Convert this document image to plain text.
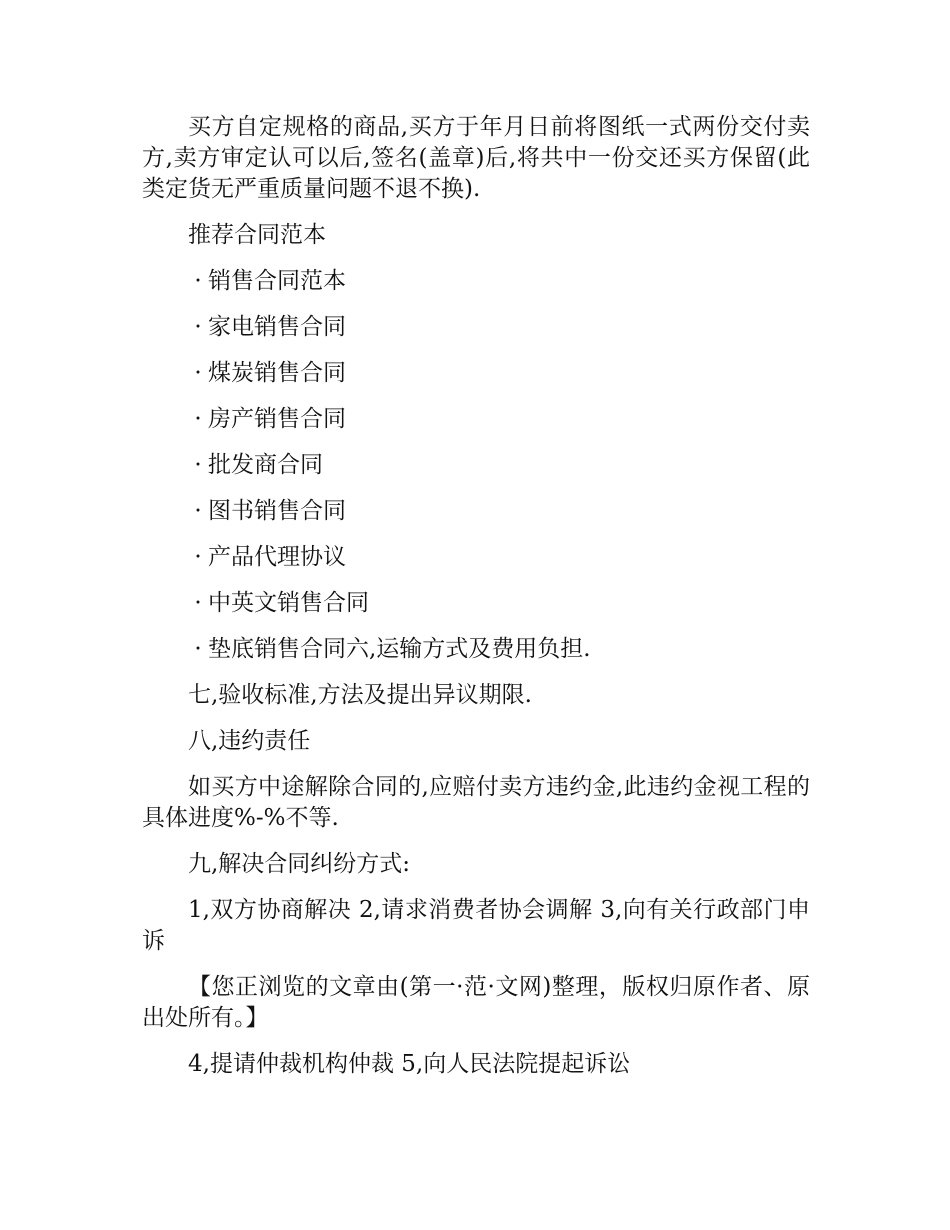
买方自定规格的商品,买方于年月日前将图纸一式两份交付卖方,卖方审定认可以后,签名(盖章)后,将共中一份交还买方保留(此类定货无严重质量问题不退不换).

推荐合同范本

· 销售合同范本
· 家电销售合同
· 煤炭销售合同
· 房产销售合同
· 批发商合同
· 图书销售合同
· 产品代理协议
· 中英文销售合同
· 垫底销售合同六,运输方式及费用负担.

七,验收标准,方法及提出异议期限.

八,违约责任

如买方中途解除合同的,应赔付卖方违约金,此违约金视工程的具体进度%-%不等.

九,解决合同纠纷方式:

1,双方协商解决 2,请求消费者协会调解 3,向有关行政部门申诉

【您正浏览的文章由(第一·范·文网)整理，版权归原作者、原出处所有。】

4,提请仲裁机构仲裁 5,向人民法院提起诉讼
